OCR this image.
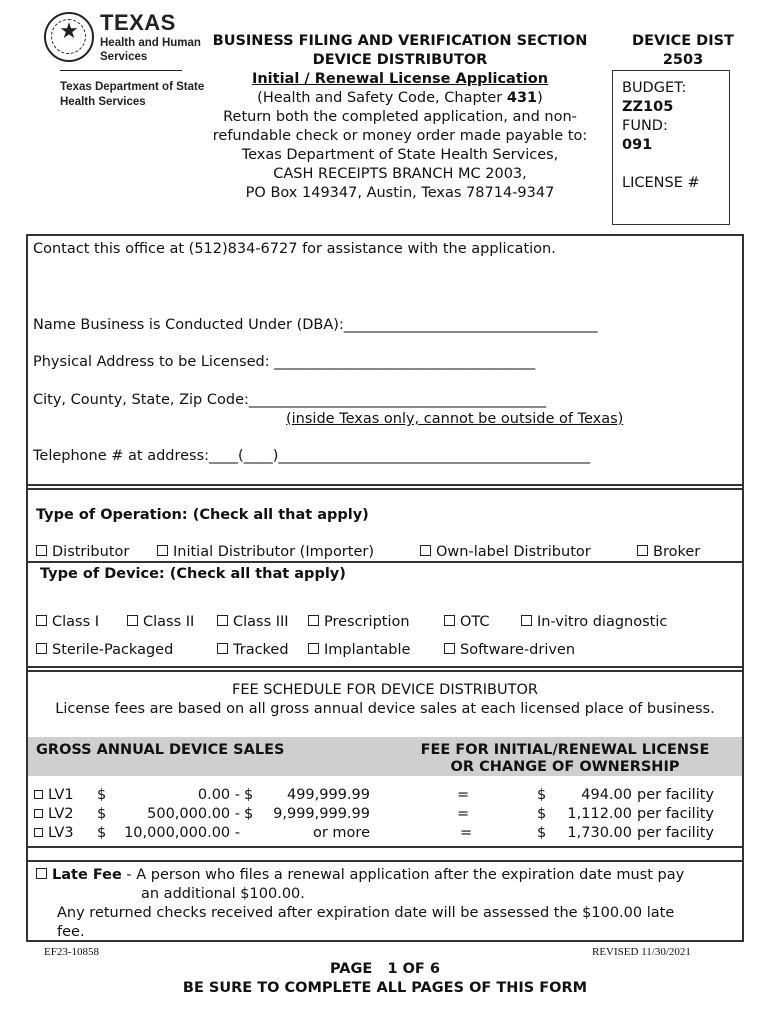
★ TEXAS
Health and Human
Services
Texas Department of State
Health Services
BUSINESS FILING AND VERIFICATION SECTION
DEVICE DISTRIBUTOR
Initial / Renewal License Application
(Health and Safety Code, Chapter 431)
Return both the completed application, and non-
refundable check or money order made payable to:
Texas Department of State Health Services,
CASH RECEIPTS BRANCH MC 2003,
PO Box 149347, Austin, Texas 78714-9347
DEVICE DIST
2503
BUDGET:
ZZ105
FUND:
091
LICENSE #
Contact this office at (512)834-6727 for assistance with the application.
Name Business is Conducted Under (DBA):___________________________________
Physical Address to be Licensed: ____________________________________
City, County, State, Zip Code:_________________________________________
(inside Texas only, cannot be outside of Texas)
Telephone # at address:____(____)___________________________________________
Type of Operation: (Check all that apply)
Distributor	Initial Distributor (Importer)	Own-label Distributor	Broker
Type of Device: (Check all that apply)
Class I	Class II	Class III	Prescription	OTC	In-vitro diagnostic
Sterile-Packaged	Tracked	Implantable	Software-driven
FEE SCHEDULE FOR DEVICE DISTRIBUTOR
License fees are based on all gross annual device sales at each licensed place of business.
GROSS ANNUAL DEVICE SALES	FEE FOR INITIAL/RENEWAL LICENSE
OR CHANGE OF OWNERSHIP
LV1 $	0.00 - $	499,999.99	=	$	494.00 per facility
LV2 $	500,000.00 - $	9,999,999.99	=	$	1,112.00 per facility
LV3 $	10,000,000.00 -	or more	=	$	1,730.00 per facility
Late Fee - A person who files a renewal application after the expiration date must pay
an additional $100.00.
Any returned checks received after expiration date will be assessed the $100.00 late
fee.
EF23-10858	REVISED 11/30/2021
PAGE   1 OF 6
BE SURE TO COMPLETE ALL PAGES OF THIS FORM
